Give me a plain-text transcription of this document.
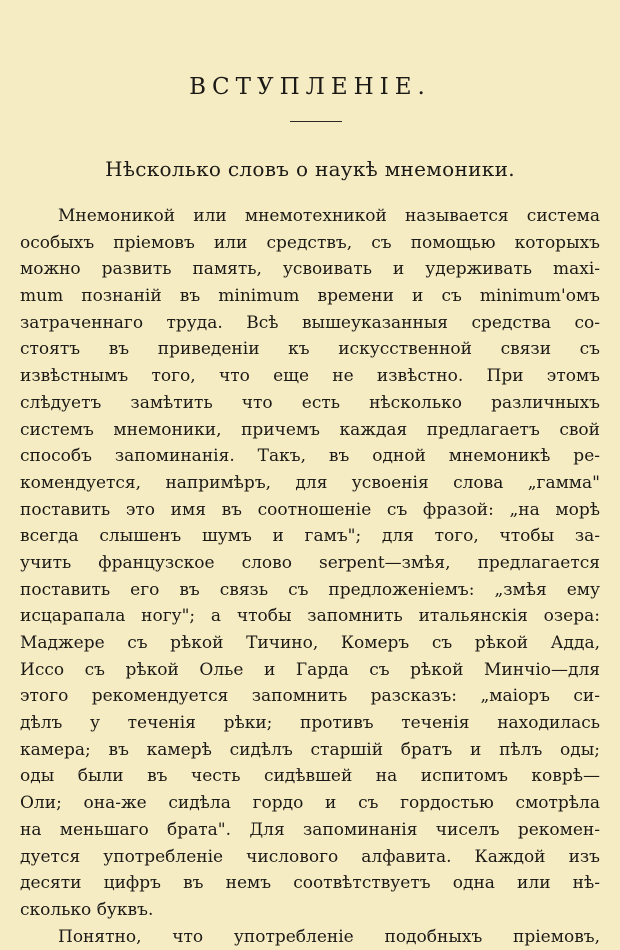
ВСТУПЛЕНІЕ.
Нѣсколько словъ о наукѣ мнемоники.
Мнемоникой или мнемотехникой называется система
особыхъ пріемовъ или средствъ, съ помощью которыхъ
можно развить память, усвоивать и удерживать maxi-
mum познаній въ minimum времени и съ minimum'омъ
затраченнаго труда. Всѣ вышеуказанныя средства со-
стоятъ въ приведеніи къ искусственной связи съ
извѣстнымъ того, что еще не извѣстно. При этомъ
слѣдуетъ замѣтить что есть нѣсколько различныхъ
системъ мнемоники, причемъ каждая предлагаетъ свой
способъ запоминанія. Такъ, въ одной мнемоникѣ ре-
комендуется, напримѣръ, для усвоенія слова „гамма"
поставить это имя въ соотношеніе съ фразой: „на морѣ
всегда слышенъ шумъ и гамъ"; для того, чтобы за-
учить французское слово serpent—змѣя, предлагается
поставить его въ связь съ предложеніемъ: „змѣя ему
исцарапала ногу"; а чтобы запомнить итальянскія озера:
Маджере съ рѣкой Тичино, Комеръ съ рѣкой Адда,
Иссо съ рѣкой Олье и Гарда съ рѣкой Минчіо—для
этого рекомендуется запомнить разсказъ: „маіоръ си-
дѣлъ у теченія рѣки; противъ теченія находилась
камера; въ камерѣ сидѣлъ старшій братъ и пѣлъ оды;
оды были въ честь сидѣвшей на испитомъ коврѣ—
Оли; она-же сидѣла гордо и съ гордостью смотрѣла
на меньшаго брата". Для запоминанія чиселъ рекомен-
дуется употребленіе числового алфавита. Каждой изъ
десяти цифръ въ немъ соотвѣтствуетъ одна или нѣ-
сколько буквъ.
Понятно, что употребленіе подобныхъ пріемовъ,
